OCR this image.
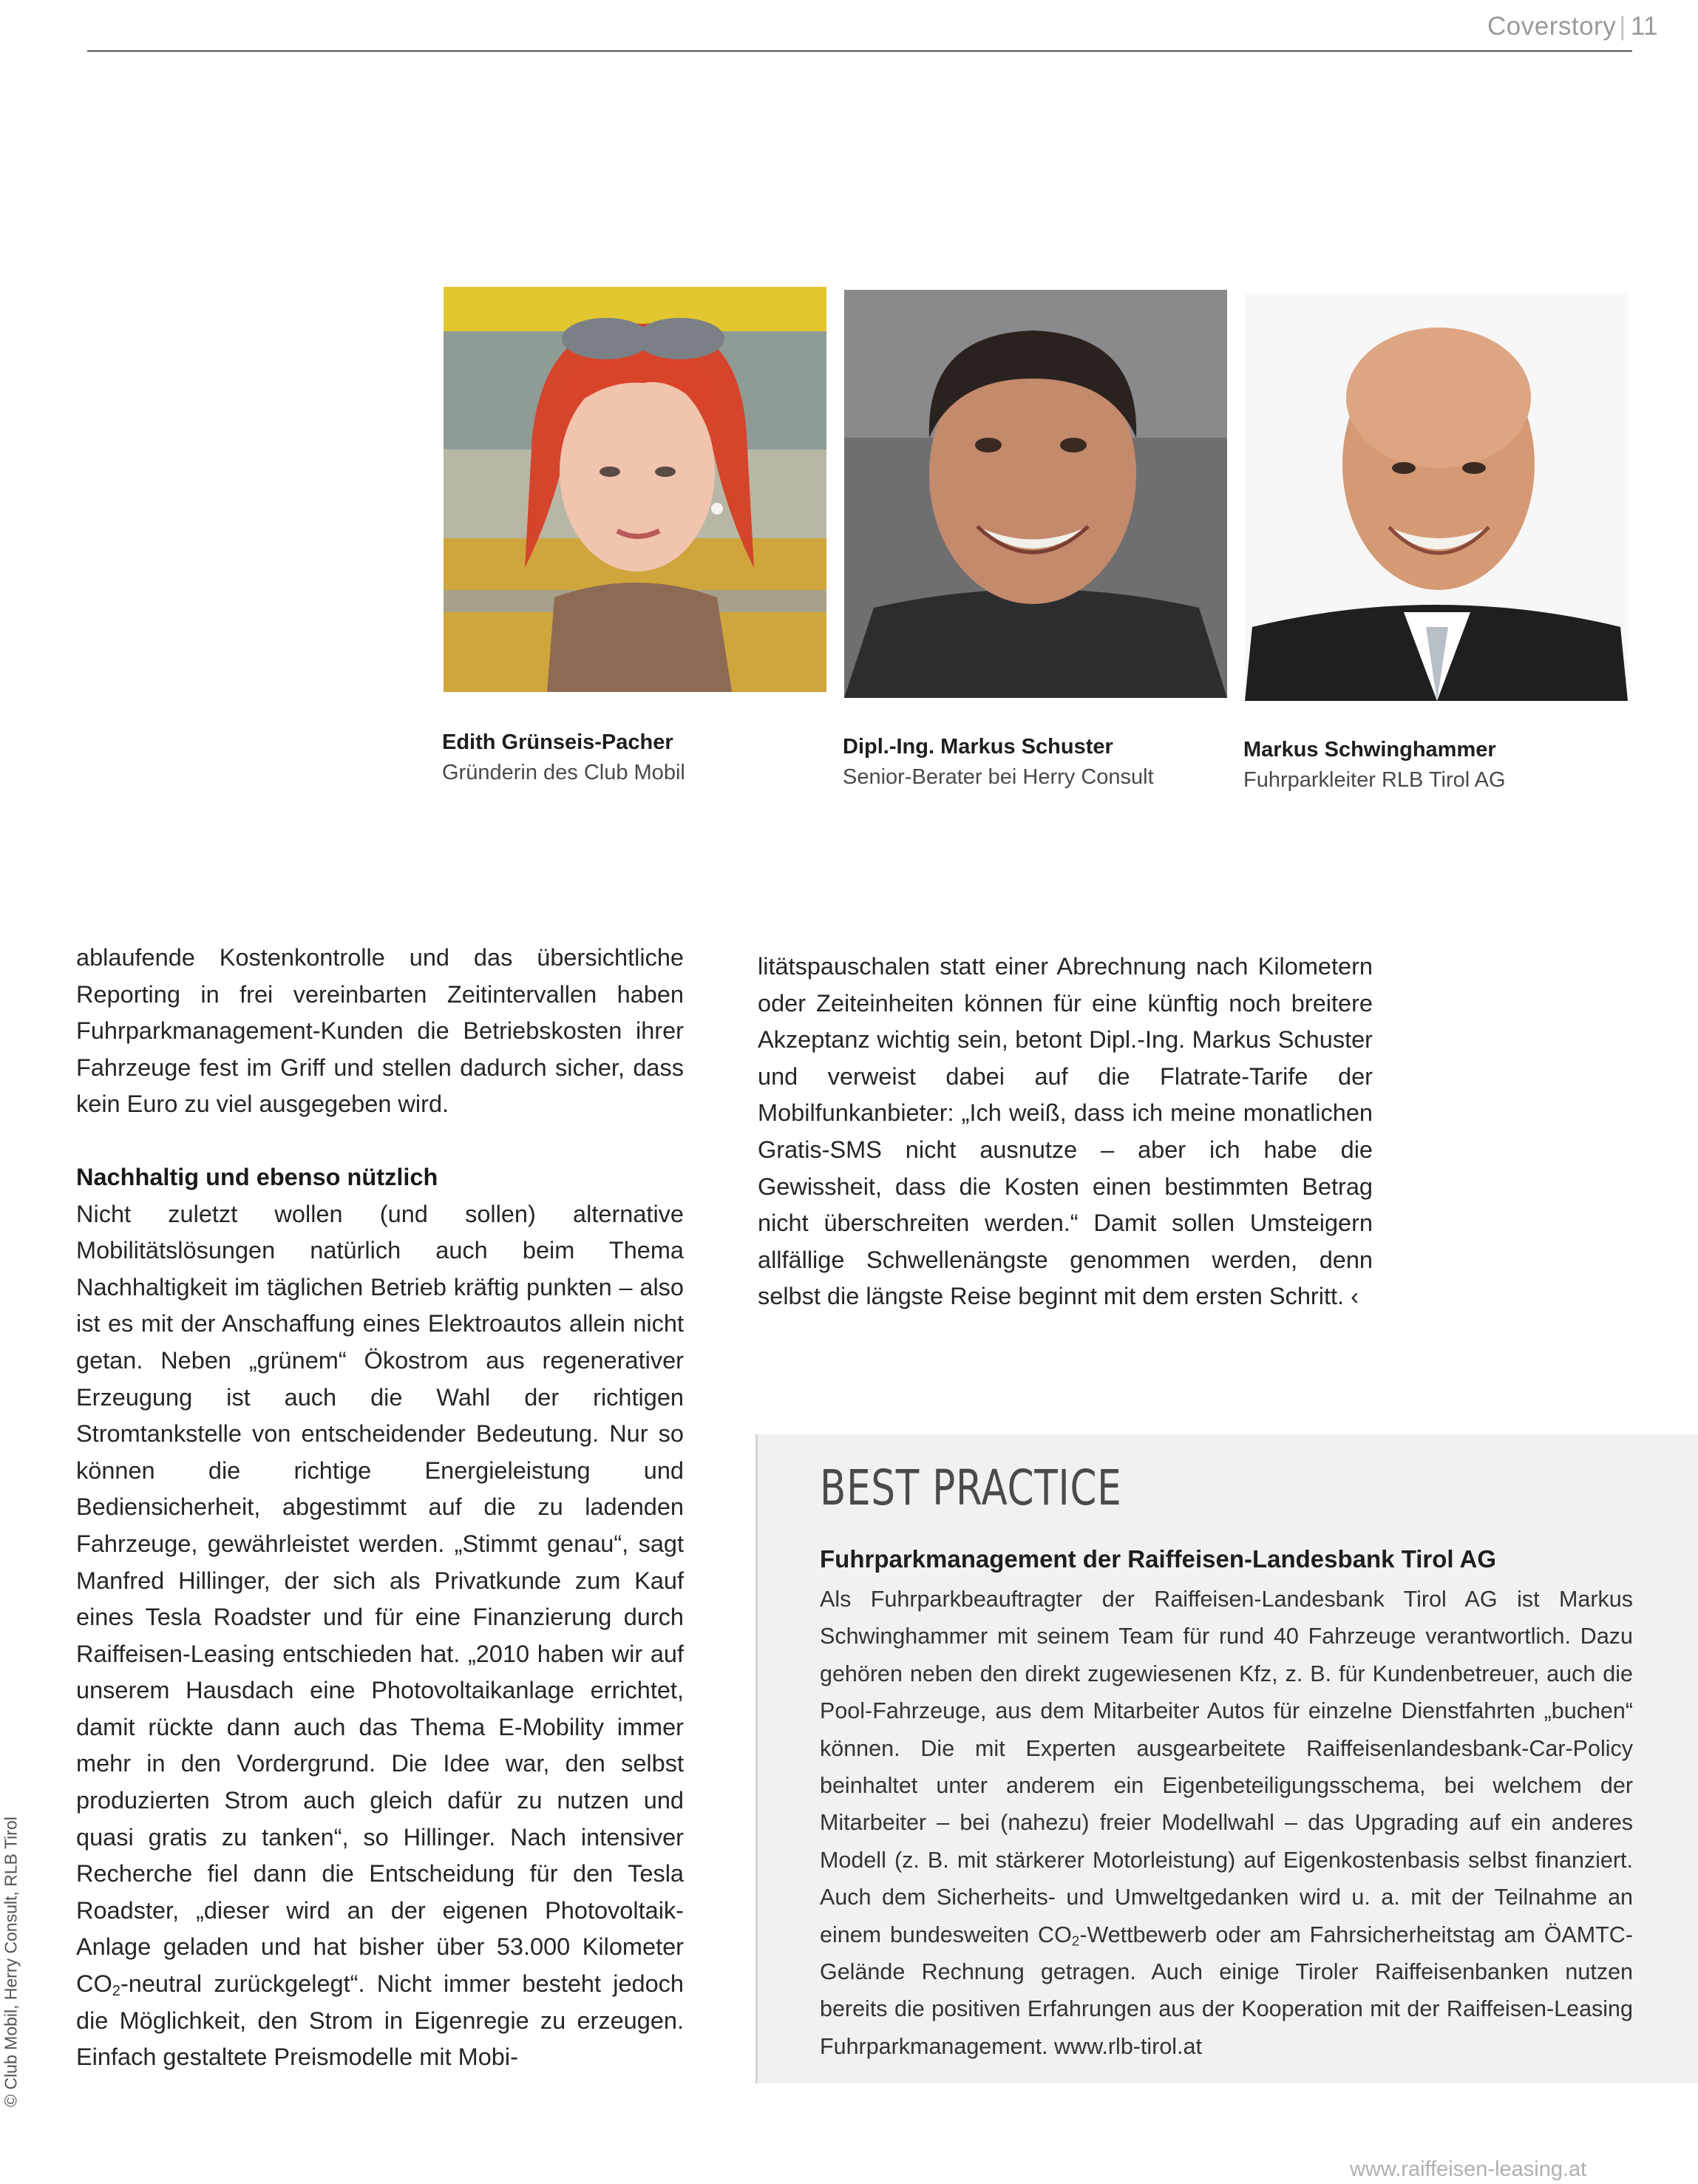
Coverstory | 11
Edith Grünseis-Pacher
Gründerin des Club Mobil
Dipl.-Ing. Markus Schuster
Senior-Berater bei Herry Consult
Markus Schwinghammer
Fuhrparkleiter RLB Tirol AG

ablaufende Kostenkontrolle und das übersichtliche Reporting in frei vereinbarten Zeitintervallen haben Fuhrparkmanagement-Kunden die Betriebskosten ihrer Fahrzeuge fest im Griff und stellen dadurch sicher, dass kein Euro zu viel ausgegeben wird.

Nachhaltig und ebenso nützlich

Nicht zuletzt wollen (und sollen) alternative Mobilitätslösungen natürlich auch beim Thema Nachhaltigkeit im täglichen Betrieb kräftig punkten – also ist es mit der Anschaffung eines Elektroautos allein nicht getan. Neben „grünem“ Ökostrom aus regenerativer Erzeugung ist auch die Wahl der richtigen Stromtankstelle von entscheidender Bedeutung. Nur so können die richtige Energieleistung und Bediensicherheit, abgestimmt auf die zu ladenden Fahrzeuge, gewährleistet werden. „Stimmt genau“, sagt Manfred Hillinger, der sich als Privatkunde zum Kauf eines Tesla Roadster und für eine Finanzierung durch Raiffeisen-Leasing entschieden hat. „2010 haben wir auf unserem Hausdach eine Photovoltaikanlage errichtet, damit rückte dann auch das Thema E-Mobility immer mehr in den Vordergrund. Die Idee war, den selbst produzierten Strom auch gleich dafür zu nutzen und quasi gratis zu tanken“, so Hillinger. Nach intensiver Recherche fiel dann die Entscheidung für den Tesla Roadster, „dieser wird an der eigenen Photovoltaik-Anlage geladen und hat bisher über 53.000 Kilometer $CO_2$-neutral zurückgelegt“. Nicht immer besteht jedoch die Möglichkeit, den Strom in Eigenregie zu erzeugen. Einfach gestaltete Preismodelle mit Mobi-

litätspauschalen statt einer Abrechnung nach Kilometern oder Zeiteinheiten können für eine künftig noch breitere Akzeptanz wichtig sein, betont Dipl.-Ing. Markus Schuster und verweist dabei auf die Flatrate-Tarife der Mobilfunkanbieter: „Ich weiß, dass ich meine monatlichen Gratis-SMS nicht ausnutze – aber ich habe die Gewissheit, dass die Kosten einen bestimmten Betrag nicht überschreiten werden.“ Damit sollen Umsteigern allfällige Schwellenängste genommen werden, denn selbst die längste Reise beginnt mit dem ersten Schritt. ‹

© Club Mobil, Herry Consult, RLB Tirol
BEST PRACTICE
Fuhrparkmanagement der Raiffeisen-Landesbank Tirol AG

Als Fuhrparkbeauftragter der Raiffeisen-Landesbank Tirol AG ist Markus Schwinghammer mit seinem Team für rund 40 Fahrzeuge verantwortlich. Dazu gehören neben den direkt zugewiesenen Kfz, z. B. für Kundenbetreuer, auch die Pool-Fahrzeuge, aus dem Mitarbeiter Autos für einzelne Dienstfahrten „buchen“ können. Die mit Experten ausgearbeitete Raiffeisenlandesbank-Car-Policy beinhaltet unter anderem ein Eigenbeteiligungsschema, bei welchem der Mitarbeiter – bei (nahezu) freier Modellwahl – das Upgrading auf ein anderes Modell (z. B. mit stärkerer Motorleistung) auf Eigenkostenbasis selbst finanziert. Auch dem Sicherheits- und Umweltgedanken wird u. a. mit der Teilnahme an einem bundesweiten $CO_2$-Wettbewerb oder am Fahrsicherheitstag am ÖAMTC-Gelände Rechnung getragen. Auch einige Tiroler Raiffeisenbanken nutzen bereits die positiven Erfahrungen aus der Kooperation mit der Raiffeisen-Leasing Fuhrparkmanagement. www.rlb-tirol.at

www.raiffeisen-leasing.at
